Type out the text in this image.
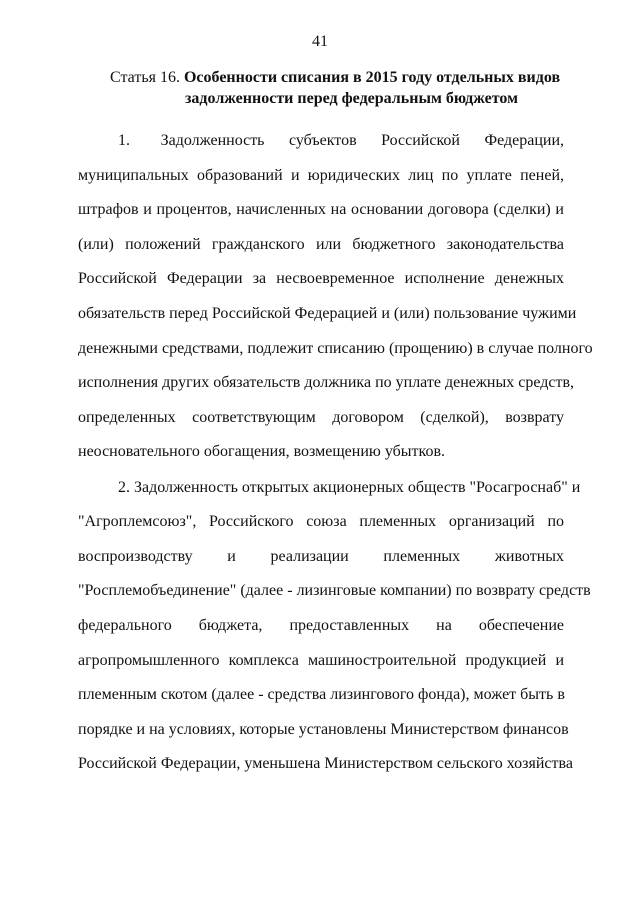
41
Статья 16. Особенности списания в 2015 году отдельных видов
задолженности перед федеральным бюджетом
1.     Задолженность    субъектов    Российской    Федерации,
муниципальных образований и юридических лиц по уплате пеней,
штрафов и процентов, начисленных на основании договора (сделки) и
(или) положений гражданского или бюджетного законодательства
Российской Федерации за несвоевременное исполнение денежных
обязательств перед Российской Федерацией и (или) пользование чужими
денежными средствами, подлежит списанию (прощению) в случае полного
исполнения других обязательств должника по уплате денежных средств,
определенных соответствующим договором (сделкой), возврату
неосновательного обогащения, возмещению убытков.
2. Задолженность открытых акционерных обществ "Росагроснаб" и
"Агроплемсоюз", Российского союза племенных организаций по
воспроизводству и реализации племенных животных
"Росплемобъединение" (далее - лизинговые компании) по возврату средств
федерального бюджета, предоставленных на обеспечение
агропромышленного комплекса машиностроительной продукцией и
племенным скотом (далее - средства лизингового фонда), может быть в
порядке и на условиях, которые установлены Министерством финансов
Российской Федерации, уменьшена Министерством сельского хозяйства
